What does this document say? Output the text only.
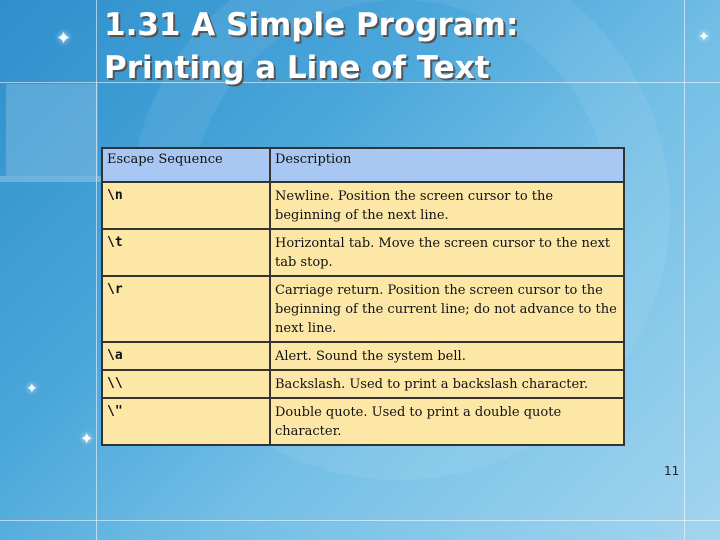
✦	✦
✦
✦
1.31 A Simple Program:
Printing a Line of Text
Escape Sequence	Description
\n	Newline. Position the screen cursor to the beginning of the next line.
\t	Horizontal tab. Move the screen cursor to the next tab stop.
\r	Carriage return. Position the screen cursor to the beginning of the current line; do not advance to the next line.
\a	Alert. Sound the system bell.
\\	Backslash. Used to print a backslash character.
\"	Double quote. Used to print a double quote character.
11
